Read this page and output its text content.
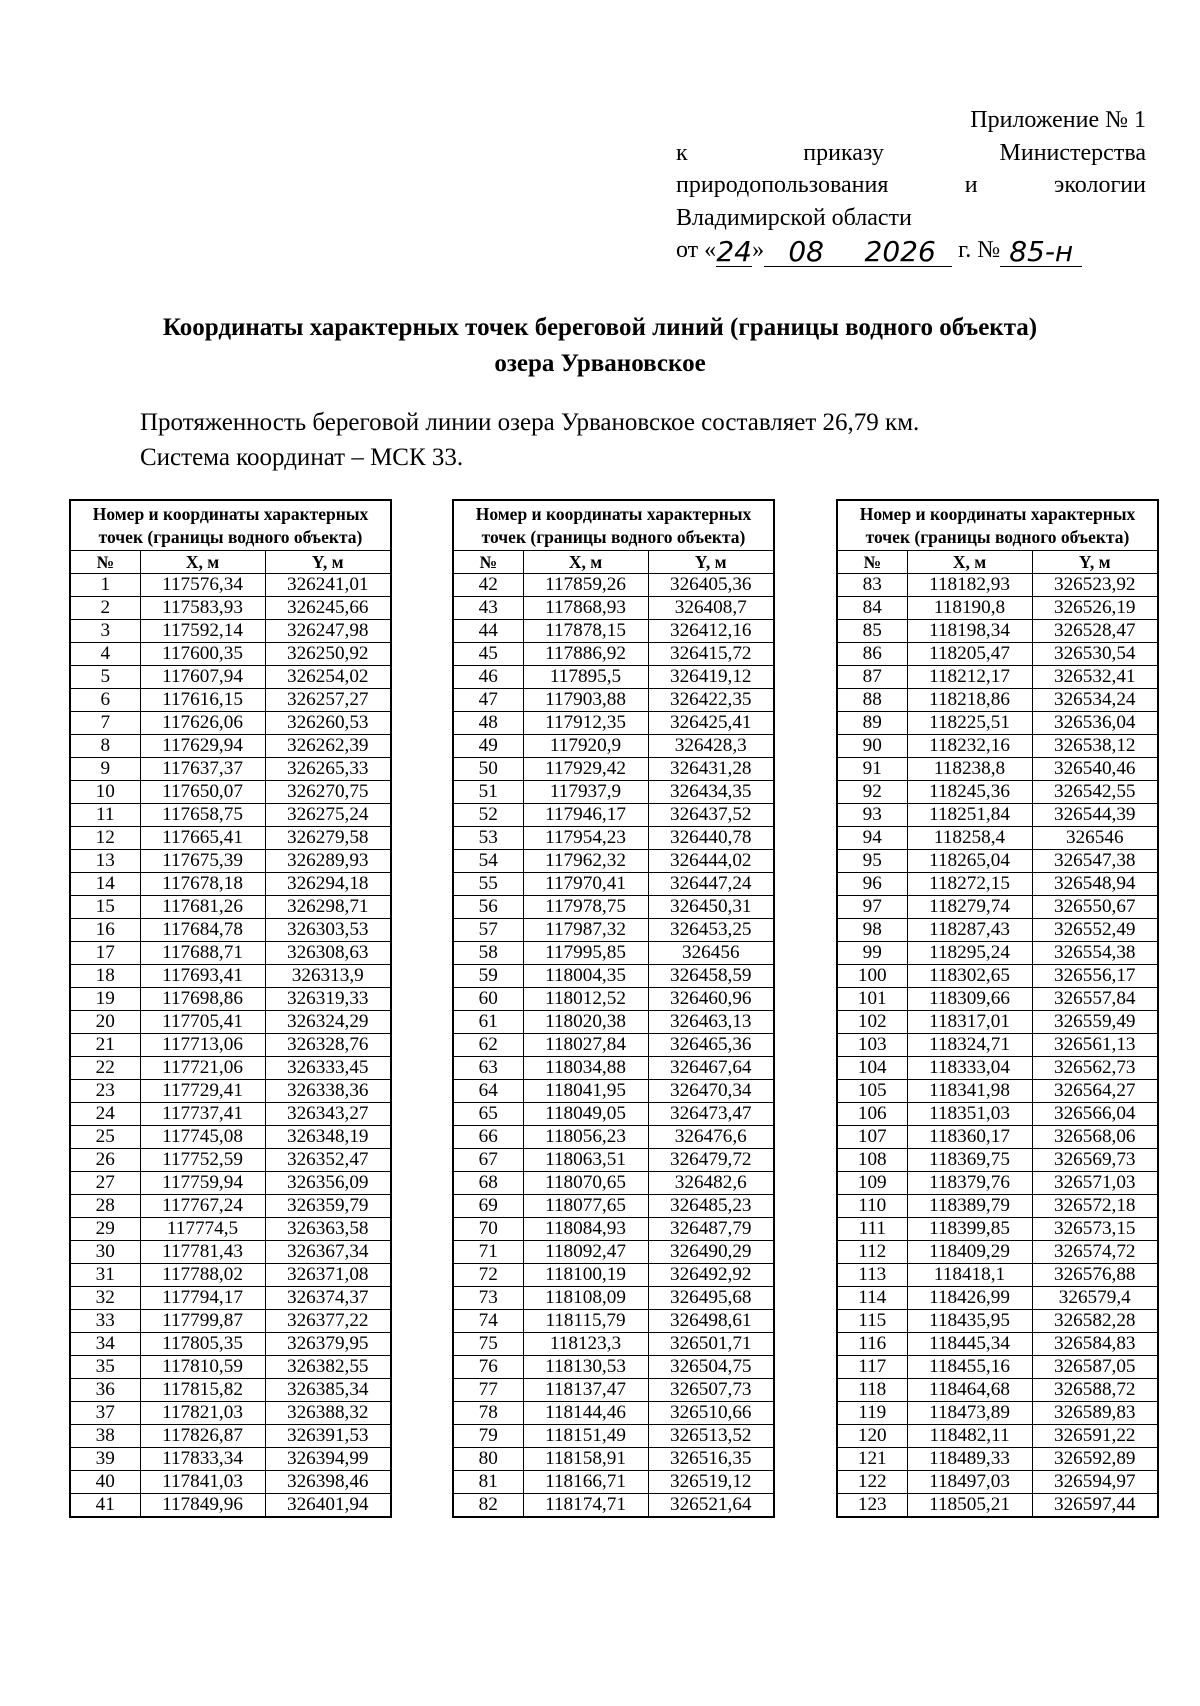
Приложение № 1
к	приказу	Министерства
природопользования	и	экологии
Владимирской области
от « 24 » 08	2026 г. № 85-н
Координаты характерных точек береговой линий (границы водного объекта)
озера Урвановское
Протяженность береговой линии озера Урвановское составляет 26,79 км.
Система координат – МСК 33.
Номер и координаты характерных точек (границы водного объекта)		
№	X, м	Y, м
1	117576,34	326241,01
2	117583,93	326245,66
3	117592,14	326247,98
4	117600,35	326250,92
5	117607,94	326254,02
6	117616,15	326257,27
7	117626,06	326260,53
8	117629,94	326262,39
9	117637,37	326265,33
10	117650,07	326270,75
11	117658,75	326275,24
12	117665,41	326279,58
13	117675,39	326289,93
14	117678,18	326294,18
15	117681,26	326298,71
16	117684,78	326303,53
17	117688,71	326308,63
18	117693,41	326313,9
19	117698,86	326319,33
20	117705,41	326324,29
21	117713,06	326328,76
22	117721,06	326333,45
23	117729,41	326338,36
24	117737,41	326343,27
25	117745,08	326348,19
26	117752,59	326352,47
27	117759,94	326356,09
28	117767,24	326359,79
29	117774,5	326363,58
30	117781,43	326367,34
31	117788,02	326371,08
32	117794,17	326374,37
33	117799,87	326377,22
34	117805,35	326379,95
35	117810,59	326382,55
36	117815,82	326385,34
37	117821,03	326388,32
38	117826,87	326391,53
39	117833,34	326394,99
40	117841,03	326398,46
41	117849,96	326401,94
Номер и координаты характерных точек (границы водного объекта)		
№	X, м	Y, м
42	117859,26	326405,36
43	117868,93	326408,7
44	117878,15	326412,16
45	117886,92	326415,72
46	117895,5	326419,12
47	117903,88	326422,35
48	117912,35	326425,41
49	117920,9	326428,3
50	117929,42	326431,28
51	117937,9	326434,35
52	117946,17	326437,52
53	117954,23	326440,78
54	117962,32	326444,02
55	117970,41	326447,24
56	117978,75	326450,31
57	117987,32	326453,25
58	117995,85	326456
59	118004,35	326458,59
60	118012,52	326460,96
61	118020,38	326463,13
62	118027,84	326465,36
63	118034,88	326467,64
64	118041,95	326470,34
65	118049,05	326473,47
66	118056,23	326476,6
67	118063,51	326479,72
68	118070,65	326482,6
69	118077,65	326485,23
70	118084,93	326487,79
71	118092,47	326490,29
72	118100,19	326492,92
73	118108,09	326495,68
74	118115,79	326498,61
75	118123,3	326501,71
76	118130,53	326504,75
77	118137,47	326507,73
78	118144,46	326510,66
79	118151,49	326513,52
80	118158,91	326516,35
81	118166,71	326519,12
82	118174,71	326521,64
Номер и координаты характерных точек (границы водного объекта)		
№	X, м	Y, м
83	118182,93	326523,92
84	118190,8	326526,19
85	118198,34	326528,47
86	118205,47	326530,54
87	118212,17	326532,41
88	118218,86	326534,24
89	118225,51	326536,04
90	118232,16	326538,12
91	118238,8	326540,46
92	118245,36	326542,55
93	118251,84	326544,39
94	118258,4	326546
95	118265,04	326547,38
96	118272,15	326548,94
97	118279,74	326550,67
98	118287,43	326552,49
99	118295,24	326554,38
100	118302,65	326556,17
101	118309,66	326557,84
102	118317,01	326559,49
103	118324,71	326561,13
104	118333,04	326562,73
105	118341,98	326564,27
106	118351,03	326566,04
107	118360,17	326568,06
108	118369,75	326569,73
109	118379,76	326571,03
110	118389,79	326572,18
111	118399,85	326573,15
112	118409,29	326574,72
113	118418,1	326576,88
114	118426,99	326579,4
115	118435,95	326582,28
116	118445,34	326584,83
117	118455,16	326587,05
118	118464,68	326588,72
119	118473,89	326589,83
120	118482,11	326591,22
121	118489,33	326592,89
122	118497,03	326594,97
123	118505,21	326597,44
